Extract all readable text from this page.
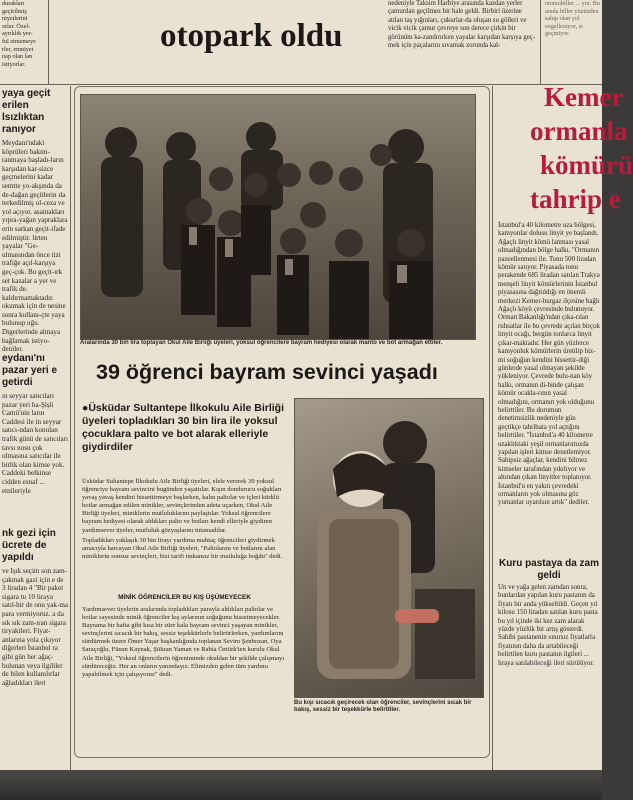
durakları
geçirilmiş
niyetlerini
orlar. Özel-
ayrıklık yer-
ful etmemeye
rler, emniyet
nap olan lan
istiyorlar.
otopark oldu
nedeniyle Taksim Harbiye arasında kazdan yerler çamurdan geçilmez bir hale geldi. Birbiri üzerine atılan taş yığınları, çukurlar-da oluşan su gölleri ve vicik vicik çamur çevreye son derece çirkin bir görünüm ka-zandırırken yayalar karşıdan karşıya geç-mek için paçalarını sıvamak zorunda kal-
otomobiller ... yor. Bu arada biller yüzünden sahip olan yol engelleniyor, si geçmiyor.
yaya geçit erilen lsızlıktan ranıyor
Meydanı'ndaki köprüleri bakım-ranmaya başladı-ların karşıdan kar-sizce geçmelerini kadar semtte yo-akşında da de-dağan geçitlerin ıla terkedilmiş ol-ceza ve yol açıyor. asamakları yıpra-yağan yapraklara erin sarkan geçit-ifade edilmiştir. lirten yayalar "Ge-ulmasından önce tizi trafiğe açıl-karşıya geç-çok. Bu geçit-ırk set kazalar a yer ve trafik de. kaldırmamaktadır. okumak için de nesine sonra kullanı-çte yaya bulunup uğu. Digerlerinde almaya bağlamak istiyo-deniler.
eydanı'nı pazar yeri e getirdi
ın seyyar satıcıları pazar yeri ha-Şişli Camii'nin ların Caddesi ile in seyyar satıcı-ndan konulan trafik günü de satıcıları tavsı nosu çok olmasına satıcılar ile birlik olan kimse yok. Caddeki belkinse cidden esnaf ... etnileriyle
nk gezi için ücrete de yapıldı
ve Işık seçim son zam-çakmak gazi için e de 3 liradan 4 "Bir paket sigara tu 10 liraya satıl-bir de onu yak-ma para vermiyoruz. a da sık sık zam-ıran sigara tiryakileri. Fiyat-anlarına yola çıkıyor diğerleri İstanbul ra gibi gün her ağaç-bulunan veya ilgililer de bilen kullanılırlar ağladıkları ileri
Aralarında 30 bin lira toplayan Okul Aile Birliği üyeleri, yoksul öğrencilere bayram hediyesi olarak manto ve bot armağan ettiler.
39 öğrenci bayram sevinci yaşadı
●Üsküdar Sultantepe İlkokulu Aile Birliği üyeleri topladıkları 30 bin lira ile yoksul çocuklara palto ve bot alarak elleriyle giydirdiler

Üsküdar Sultantepe İlkokulu Aile Birliği üyeleri, elele vererek 39 yoksul öğrenciye bayram sevincini bugünden yaşattılar. Kışın dondurucu soğukları yavaş yavaş kendini hissettirmeye başlarken, kalın paltolar ve içleri kürklü botlar armağan edilen minikler, sevinçlerinden adeta uçarken, Okul Aile Birliği üyeleri, miniklerin mutluluklarını paylaştılar. Yoksul öğrencilere bayram hediyesi olarak aldıkları palto ve botları kendi elleriyle giydiren yardımsever üyeler, mutluluk gözyaşlarını tutamadılar.

Topladıkları yaklaşık 30 bin lirayı yardıma muhtaç öğrencileri giydirmek amacıyla harcayan Okul Aile Birliği üyeleri, "Paltolarını ve botlarını alan miniklerin sonsuz sevinçleri, bizi tarifi imkansız bir mutluluğa boğdu" dedi.

MİNİK ÖĞRENCİLER BU KIŞ ÜŞÜMEYECEK
Yardımsever üyelerin aralarında topladıkları parayla aldıkları paltolar ve botlar sayesinde minik öğrenciler kış aylarının soğuğunu hissetmeyecekler. Bayrama bir hafta gibi kısa bir süre kala bayram sevinci yaşayan minikler, sevinçlerini sıcacık bir bakış, sessiz teşekkürlerle belirtirlerken, yardımlarını sürdürmek üzere Ömer Yaşar başkanlığında toplanan Sevim Şenbozan, Oya Saraçoğlu, Füsun Kaynak, Şükran Yaman ve Rabia Öztürk'ten kurulu Okul Aile Birliği, "Yoksul öğrencilerin öğreniminde okuldan bir şekilde çalışmayı sürdüreceğiz. Her an onların yanındayız. Elimizden gelen tüm yardımı yapabilmek için çalışıyoruz" dedi.
Bu kışı sıcacık geçirecek olan öğrenciler, sevinçlerini sıcak bir bakış, sessiz bir teşekkürle belirttiler.
Kemer
ormanla
kömürü
tahrip e
İstanbul'a 40 kilometre uza bölgesi, kamyonlar dolusu linyit ye başlandı. Ağaçlı linyit kömü lanması yasal olmadığından bölge halkı. "Ormanın pazeellenmesi ile. Tonu 500 liradan kömür satıyor. Piyasada tonu perakende 685 liradan satılan Trakya menşeli linyit kömürlerinin İstanbul piyasasına dağıtıldığı en önemli merkezi Kemer-burgaz ilçesine bağlı Ağaçlı köyü çevresinde bulunuyor. Orman Bakanlığı'ndan çıka-rılan ruhsatlar ile bu çevrede açılan birçok linyit ocağı, bergün tonlarca linyit çıkar-maktadır. Her gün yüzlerce kamyonluk kömürlerin üretilip biz-mi soğuğun kendini hissettir-diği günlerde yasal olmayan şekilde yükleniyor. Çevrede bulu-nan köy halkı, ormanın di-binde çalışan kömür ocakla-rının yasal olmadığını, ormanın yok olduğunu belirttiler. Bu durumun denetimsizlik nedeniyle gün geçtikçe tahribata yol açtığını belirttiler. "İstanbul'a 40 kilometre uzaklıktaki yeşil ormanlarımızda yapılan işleri kimse denetlemiyor. Sahipsiz ağaçlar, kendini bilmez kimseler tarafından yıkılıyor ve altından çıkan linyitler toplanıyor. İstanbul'u en yakın çevredeki ormanların yok olmasına göz yumanlar uyarılsın artık" dediler.
Kuru pastaya da zam geldi
Un ve yağa gelen zamdan sonra, bunlardan yapılan kuru pastanın da fiyatı bir anda yükseltildi. Geçen yıl kilosu 150 liradan satılan kuru pasta bu yıl içinde iki kez zam alarak yüzde yüzlük bir artış gösterdi. Sahibi pastanenin sınırsız fiyatlarla fiyatının daha da artabileceği belirtilen kuru pastanın ilgileri ... liraya satılabileceği ileri sürülüyor.
